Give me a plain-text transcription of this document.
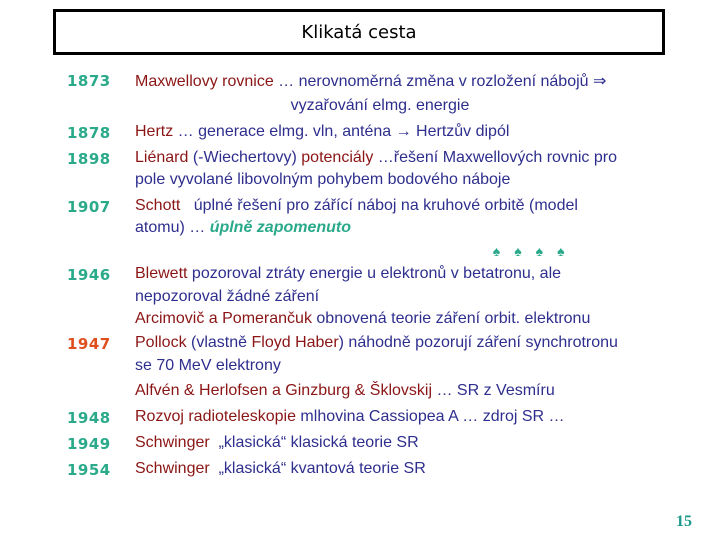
Klikatá cesta
1873
1878
1898
1907
1946
1947
1948
1949
1954
Maxwellovy rovnice … nerovnoměrná změna v rozložení nábojů ⇒
vyzařování elmg. energie
Hertz … generace elmg. vln, anténa → Hertzův dipól
Liénard (-Wiechertovy) potenciály …řešení Maxwellových rovnic pro
pole vyvolané libovolným pohybem bodového náboje
Schott   úplné řešení pro zářící náboj na kruhové orbitě (model
atomu) … úplně zapomenuto
♠♠♠♠
Blewett pozoroval ztráty energie u elektronů v betatronu, ale
nepozoroval žádné záření
Arcimovič a Pomerančuk obnovená teorie záření orbit. elektronu
Pollock (vlastně Floyd Haber) náhodně pozorují záření synchrotronu
se 70 MeV elektrony
Alfvén & Herlofsen a Ginzburg & Šklovskij … SR z Vesmíru
Rozvoj radioteleskopie mlhovina Cassiopea A … zdroj SR …
Schwinger  „klasická“ klasická teorie SR
Schwinger  „klasická“ kvantová teorie SR
15
